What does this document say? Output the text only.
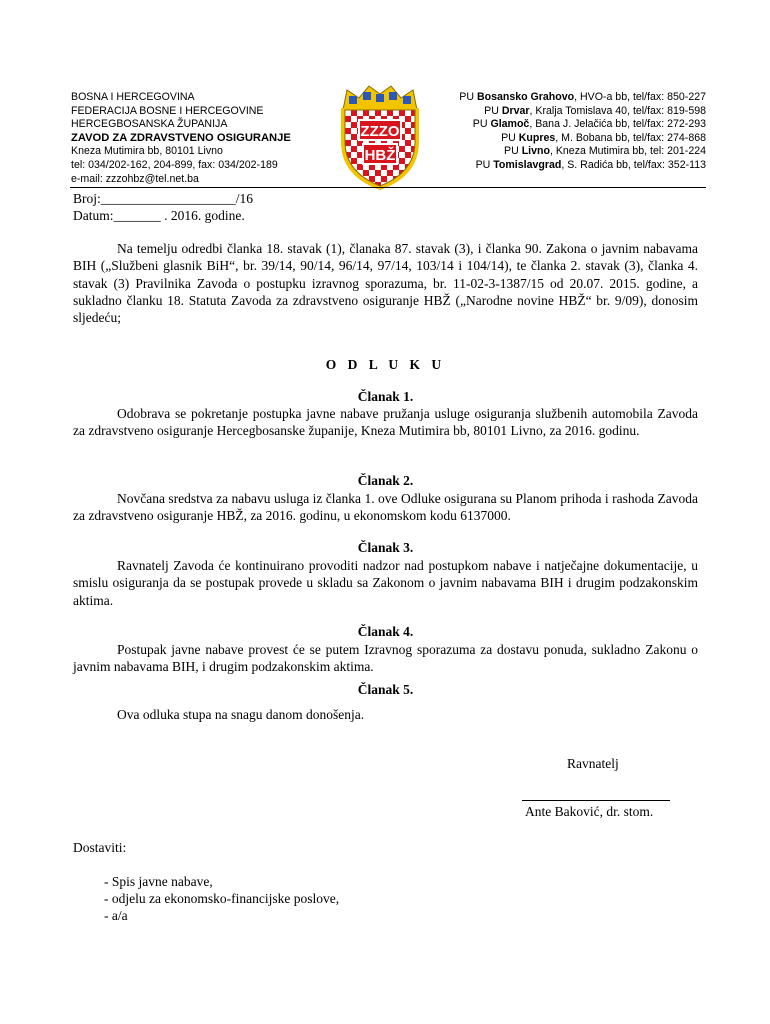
BOSNA I HERCEGOVINA
FEDERACIJA BOSNE I HERCEGOVINE
HERCEGBOSANSKA ŽUPANIJA
ZAVOD ZA ZDRAVSTVENO OSIGURANJE
Kneza Mutimira bb, 80101 Livno
tel: 034/202-162, 204-899, fax: 034/202-189
e-mail: zzzohbz@tel.net.ba
ZZZO
HBŽ
PU Bosansko Grahovo, HVO-a bb, tel/fax: 850-227
PU Drvar, Kralja Tomislava 40, tel/fax: 819-598
PU Glamoč, Bana J. Jelačića bb, tel/fax: 272-293
PU Kupres, M. Bobana bb, tel/fax: 274-868
PU Livno, Kneza Mutimira bb, tel: 201-224
PU Tomislavgrad, S. Radića bb, tel/fax: 352-113
Broj:____________________/16
Datum:_______ . 2016. godine.
Na temelju odredbi članka 18. stavak (1), članaka 87. stavak (3), i članka 90. Zakona o javnim nabavama BIH („Službeni glasnik BiH“, br. 39/14, 90/14, 96/14, 97/14, 103/14 i 104/14), te članka 2. stavak (3), članka 4. stavak (3) Pravilnika Zavoda o postupku izravnog sporazuma, br. 11-02-3-1387/15 od 20.07. 2015. godine, a sukladno članku 18. Statuta Zavoda za zdravstveno osiguranje HBŽ („Narodne novine HBŽ“ br. 9/09), donosim sljedeću;
O D L U K U
Članak 1.
Odobrava se pokretanje postupka javne nabave pružanja usluge osiguranja službenih automobila Zavoda za zdravstveno osiguranje Hercegbosanske županije, Kneza Mutimira bb, 80101 Livno, za 2016. godinu.
Članak 2.
Novčana sredstva za nabavu usluga iz članka 1. ove Odluke osigurana su Planom prihoda i rashoda Zavoda za zdravstveno osiguranje HBŽ, za 2016. godinu, u ekonomskom kodu 6137000.
Članak 3.
Ravnatelj Zavoda će kontinuirano provoditi nadzor nad postupkom nabave i natječajne dokumentacije, u smislu osiguranja da se postupak provede u skladu sa Zakonom o javnim nabavama BIH i drugim podzakonskim aktima.
Članak 4.
Postupak javne nabave provest će se putem Izravnog sporazuma za dostavu ponuda, sukladno Zakonu o javnim nabavama BIH, i drugim podzakonskim aktima.
Članak 5.
Ova odluka stupa na snagu danom donošenja.
Ravnatelj
Ante Baković, dr. stom.
Dostaviti:
- Spis javne nabave,
- odjelu za ekonomsko-financijske poslove,
- a/a
